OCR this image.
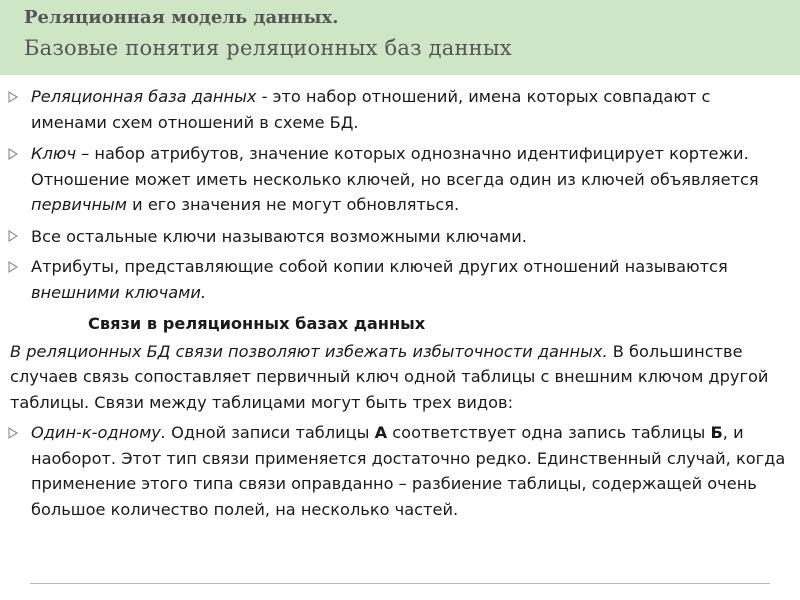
Реляционная модель данных.
Базовые понятия реляционных баз данных

Реляционная база данных - это набор отношений, имена которых совпадают с именами схем отношений в схеме БД.

Ключ – набор атрибутов, значение которых однозначно идентифицирует кортежи. Отношение может иметь несколько ключей, но всегда один из ключей объявляется первичным и его значения не могут обновляться.

Все остальные ключи называются возможными ключами.

Атрибуты, представляющие собой копии ключей других отношений называются внешними ключами.

Связи в реляционных базах данных

В реляционных БД связи позволяют избежать избыточности данных. В большинстве случаев связь сопоставляет первичный ключ одной таблицы с внешним ключом другой таблицы. Связи между таблицами могут быть трех видов:

Один-к-одному. Одной записи таблицы А соответствует одна запись таблицы Б, и наоборот. Этот тип связи применяется достаточно редко. Единственный случай, когда применение этого типа связи оправданно – разбиение таблицы, содержащей очень большое количество полей, на несколько частей.
